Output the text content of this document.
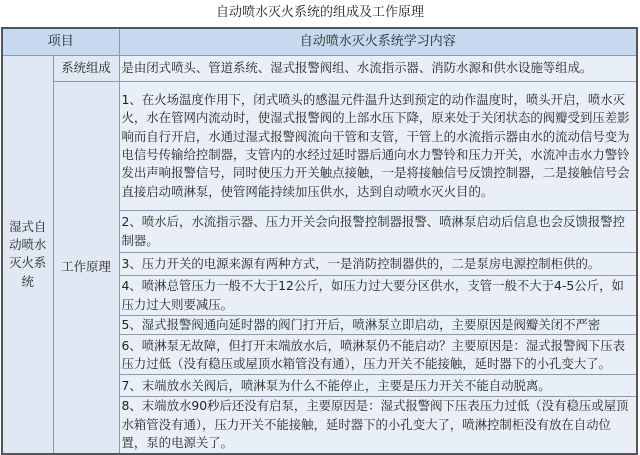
自动喷水灭火系统的组成及工作原理
项目		自动喷水灭火系统学习内容
湿式自动喷水灭火系统	系统组成	是由闭式喷头、管道系统、湿式报警阀组、水流指示器、消防水源和供水设施等组成。
	工作原理	1、在火场温度作用下，闭式喷头的感温元件温升达到预定的动作温度时，喷头开启，喷水灭火，水在管网内流动时，使湿式报警阀的上部水压下降，原来处于关闭状态的阀瓣受到压差影响而自行开启，水通过湿式报警阀流向干管和支管，干管上的水流指示器由水的流动信号变为电信号传输给控制器，支管内的水经过延时器后通向水力警铃和压力开关，水流冲击水力警铃发出声响报警信号，同时使压力开关触点接触，一是将接触信号反馈控制器，二是接触信号会直接启动喷淋泵，使管网能持续加压供水，达到自动喷水灭火目的。
		2、喷水后，水流指示器、压力开关会向报警控制器报警、喷淋泵启动后信息也会反馈报警控制器。
		3、压力开关的电源来源有两种方式，一是消防控制器供的，二是泵房电源控制柜供的。
		4、喷淋总管压力一般不大于12公斤，如压力过大要分区供水，支管一般不大于4-5公斤，如压力过大则要减压。
		5、湿式报警阀通向延时器的阀门打开后，喷淋泵立即启动，主要原因是阀瓣关闭不严密
		6、喷淋泵无故障，但打开末端放水后，喷淋泵仍不能启动？主要原因是：湿式报警阀下压表压力过低（没有稳压或屋顶水箱管没有通），压力开关不能接触，延时器下的小孔变大了。
		7、末端放水关阀后，喷淋泵为什么不能停止，主要是压力开关不能自动脱离。
		8、末端放水90秒后还没有启泵，主要原因是：湿式报警阀下压表压力过低（没有稳压或屋顶水箱管没有通），压力开关不能接触，延时器下的小孔变大了，喷淋控制柜没有放在自动位置，泵的电源关了。
